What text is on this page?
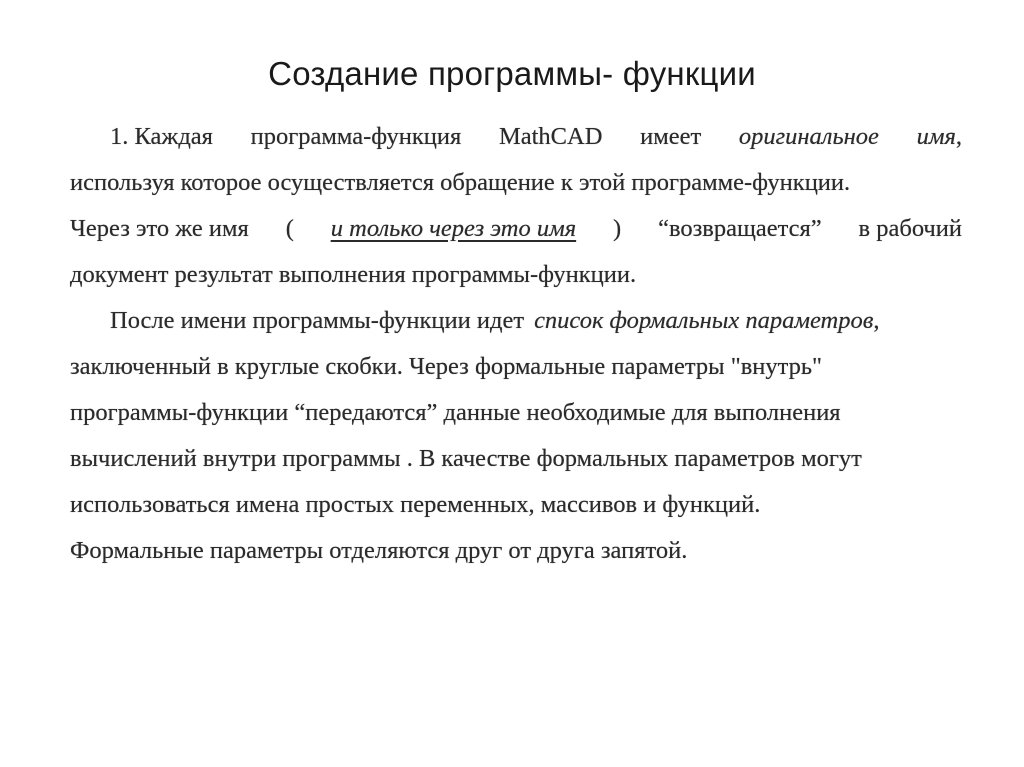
Создание программы- функции
1. Каждая программа-функция MathCAD имеет оригинальное имя,
используя которое осуществляется обращение к этой программе-функции.
Через это же имя ( и только через это имя ) “возвращается” в рабочий
документ результат выполнения программы-функции.
После имени программы-функции идет список формальных параметров ,
заключенный в круглые скобки. Через формальные параметры "внутрь"
программы-функции “передаются” данные необходимые для выполнения
вычислений внутри программы . В качестве формальных параметров могут
использоваться имена простых переменных, массивов и функций.
Формальные параметры отделяются друг от друга запятой.
